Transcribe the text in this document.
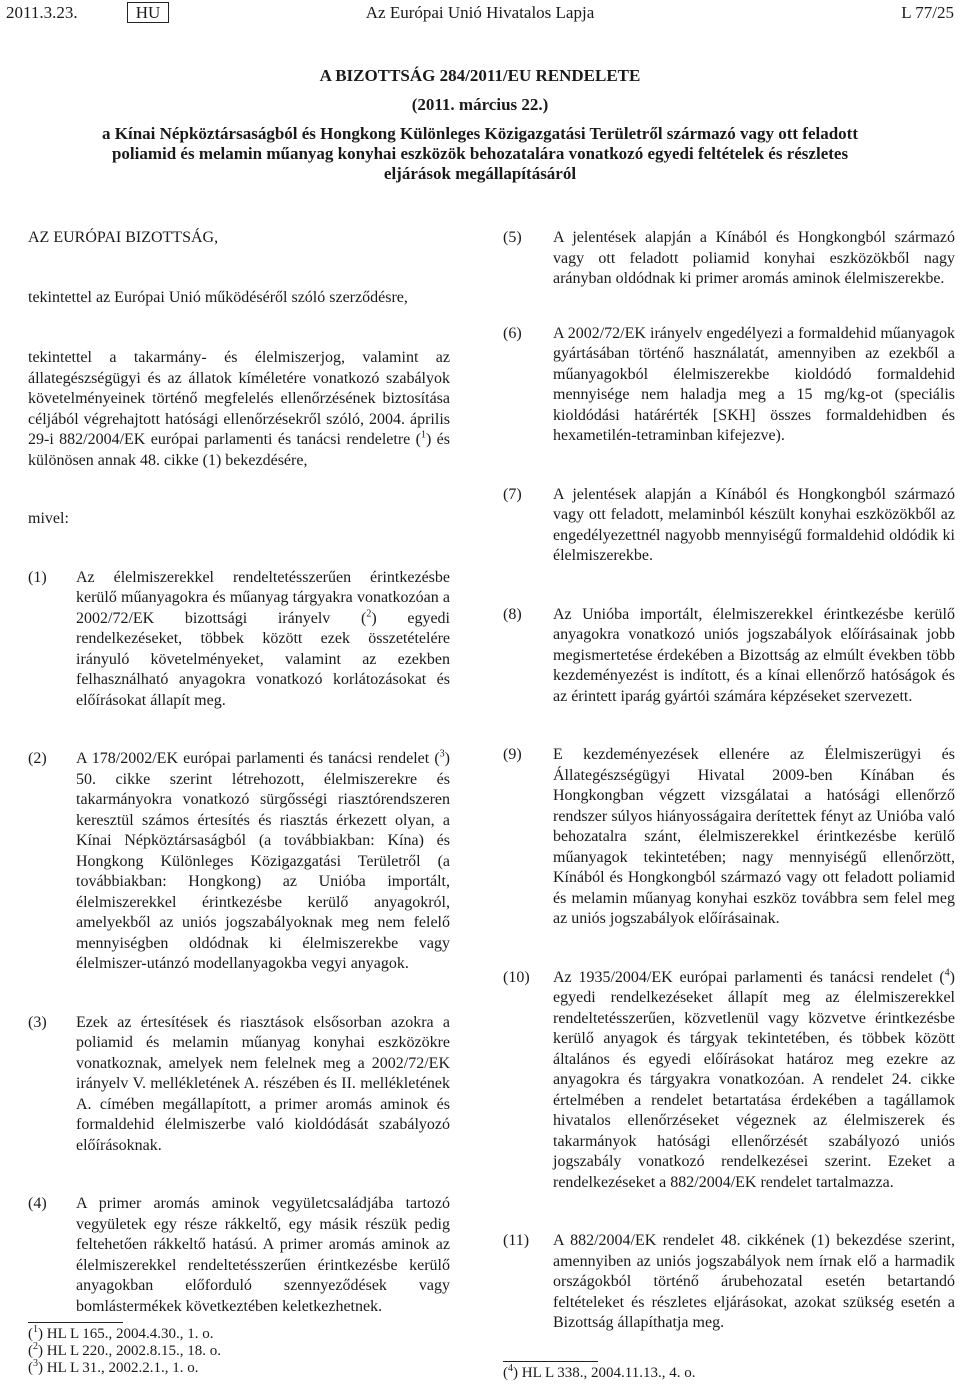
2011.3.23.	HU	Az Európai Unió Hivatalos Lapja	L 77/25
A BIZOTTSÁG 284/2011/EU RENDELETE
(2011. március 22.)
a Kínai Népköztársaságból és Hongkong Különleges Közigazgatási Területről származó vagy ott feladott poliamid és melamin műanyag konyhai eszközök behozatalára vonatkozó egyedi feltételek és részletes eljárások megállapításáról

AZ EURÓPAI BIZOTTSÁG,

tekintettel az Európai Unió működéséről szóló szerződésre,

tekintettel a takarmány- és élelmiszerjog, valamint az állategészségügyi és az állatok kíméletére vonatkozó szabályok követelményeinek történő megfelelés ellenőrzésének biztosítása céljából végrehajtott hatósági ellenőrzésekről szóló, 2004. április 29-i 882/2004/EK európai parlamenti és tanácsi rendeletre ($^1$) és különösen annak 48. cikke (1) bekezdésére,

mivel:

(1)	Az élelmiszerekkel rendeltetésszerűen érintkezésbe kerülő műanyagokra és műanyag tárgyakra vonatkozóan a 2002/72/EK bizottsági irányelv ($^2$) egyedi rendelkezéseket, többek között ezek összetételére irányuló követelményeket, valamint az ezekben felhasználható anyagokra vonatkozó korlátozásokat és előírásokat állapít meg.
(2)	A 178/2002/EK európai parlamenti és tanácsi rendelet ($^3$) 50. cikke szerint létrehozott, élelmiszerekre és takarmányokra vonatkozó sürgősségi riasztórendszeren keresztül számos értesítés és riasztás érkezett olyan, a Kínai Népköztársaságból (a továbbiakban: Kína) és Hongkong Különleges Közigazgatási Területről (a továbbiakban: Hongkong) az Unióba importált, élelmiszerekkel érintkezésbe kerülő anyagokról, amelyekből az uniós jogszabályoknak meg nem felelő mennyiségben oldódnak ki élelmiszerekbe vagy élelmiszer-utánzó modellanyagokba vegyi anyagok.
(3)	Ezek az értesítések és riasztások elsősorban azokra a poliamid és melamin műanyag konyhai eszközökre vonatkoznak, amelyek nem felelnek meg a 2002/72/EK irányelv V. mellékletének A. részében és II. mellékletének A. címében megállapított, a primer aromás aminok és formaldehid élelmiszerbe való kioldódását szabályozó előírásoknak.
(4)	A primer aromás aminok vegyületcsaládjába tartozó vegyületek egy része rákkeltő, egy másik részük pedig feltehetően rákkeltő hatású. A primer aromás aminok az élelmiszerekkel rendeltetésszerűen érintkezésbe kerülő anyagokban előforduló szennyeződések vagy bomlástermékek következtében keletkezhetnek.
($^1$) HL L 165., 2004.4.30., 1. o.
($^2$) HL L 220., 2002.8.15., 18. o.
($^3$) HL L 31., 2002.2.1., 1. o.
(5)	A jelentések alapján a Kínából és Hongkongból származó vagy ott feladott poliamid konyhai eszközökből nagy arányban oldódnak ki primer aromás aminok élelmiszerekbe.
(6)	A 2002/72/EK irányelv engedélyezi a formaldehid műanyagok gyártásában történő használatát, amennyiben az ezekből a műanyagokból élelmiszerekbe kioldódó formaldehid mennyisége nem haladja meg a 15 mg/kg-ot (speciális kioldódási határérték [SKH] összes formaldehidben és hexametilén-tetraminban kifejezve).
(7)	A jelentések alapján a Kínából és Hongkongból származó vagy ott feladott, melaminból készült konyhai eszközökből az engedélyezettnél nagyobb mennyiségű formaldehid oldódik ki élelmiszerekbe.
(8)	Az Unióba importált, élelmiszerekkel érintkezésbe kerülő anyagokra vonatkozó uniós jogszabályok előírásainak jobb megismertetése érdekében a Bizottság az elmúlt években több kezdeményezést is indított, és a kínai ellenőrző hatóságok és az érintett iparág gyártói számára képzéseket szervezett.
(9)	E kezdeményezések ellenére az Élelmiszerügyi és Állategészségügyi Hivatal 2009-ben Kínában és Hongkongban végzett vizsgálatai a hatósági ellenőrző rendszer súlyos hiányosságaira derítettek fényt az Unióba való behozatalra szánt, élelmiszerekkel érintkezésbe kerülő műanyagok tekintetében; nagy mennyiségű ellenőrzött, Kínából és Hongkongból származó vagy ott feladott poliamid és melamin műanyag konyhai eszköz továbbra sem felel meg az uniós jogszabályok előírásainak.
(10)	Az 1935/2004/EK európai parlamenti és tanácsi rendelet ($^4$) egyedi rendelkezéseket állapít meg az élelmiszerekkel rendeltetésszerűen, közvetlenül vagy közvetve érintkezésbe kerülő anyagok és tárgyak tekintetében, és többek között általános és egyedi előírásokat határoz meg ezekre az anyagokra és tárgyakra vonatkozóan. A rendelet 24. cikke értelmében a rendelet betartatása érdekében a tagállamok hivatalos ellenőrzéseket végeznek az élelmiszerek és takarmányok hatósági ellenőrzését szabályozó uniós jogszabály vonatkozó rendelkezései szerint. Ezeket a rendelkezéseket a 882/2004/EK rendelet tartalmazza.
(11)	A 882/2004/EK rendelet 48. cikkének (1) bekezdése szerint, amennyiben az uniós jogszabályok nem írnak elő a harmadik országokból történő árubehozatal esetén betartandó feltételeket és részletes eljárásokat, azokat szükség esetén a Bizottság állapíthatja meg.
($^4$) HL L 338., 2004.11.13., 4. o.
